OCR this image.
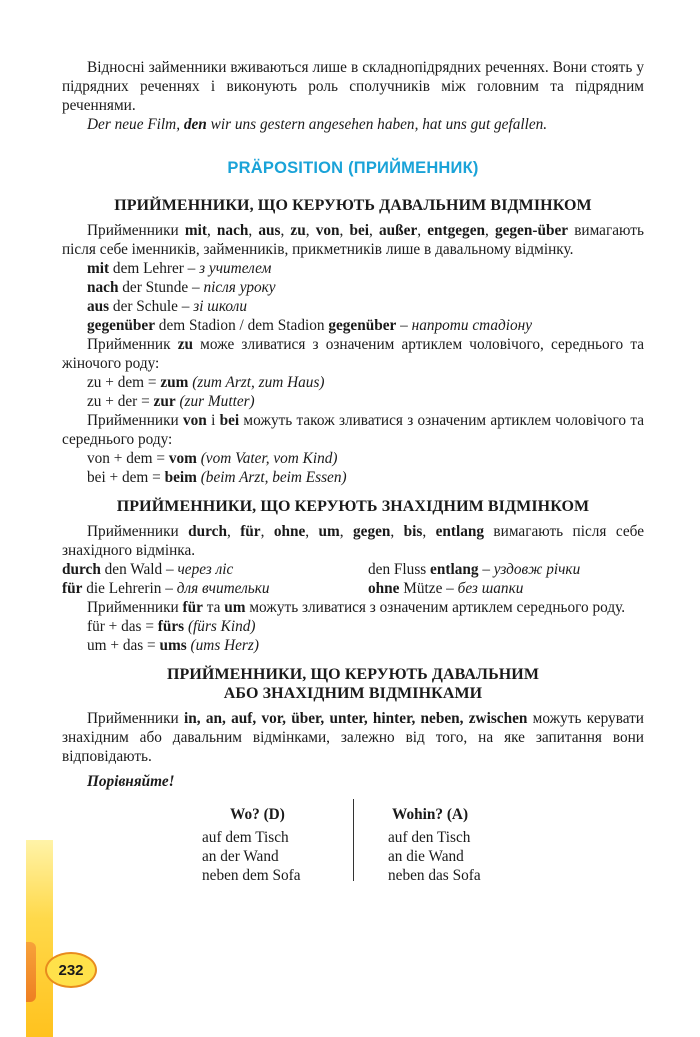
232

Відносні займенники вживаються лише в складнопідрядних реченнях. Вони стоять у підрядних реченнях і виконують роль сполучників між головним та підрядним реченнями.

Der neue Film, den wir uns gestern angesehen haben, hat uns gut gefallen.

PRÄPOSITION (ПРИЙМЕННИК)
ПРИЙМЕННИКИ, ЩО КЕРУЮТЬ ДАВАЛЬНИМ ВІДМІНКОМ

Прийменники mit, nach, aus, zu, von, bei, außer, entgegen, gegen-über вимагають після себе іменників, займенників, прикметників лише в давальному відмінку.

mit dem Lehrer – з учителем

nach der Stunde – після уроку

aus der Schule – зі школи

gegenüber dem Stadion / dem Stadion gegenüber – напроти стадіону

Прийменник zu може зливатися з означеним артиклем чоловічого, середнього та жіночого роду:

zu + dem = zum (zum Arzt, zum Haus)

zu + der = zur (zur Mutter)

Прийменники von і bei можуть також зливатися з означеним артиклем чоловічого та середнього роду:

von + dem = vom (vom Vater, vom Kind)

bei + dem = beim (beim Arzt, beim Essen)

ПРИЙМЕННИКИ, ЩО КЕРУЮТЬ ЗНАХІДНИМ ВІДМІНКОМ

Прийменники durch, für, ohne, um, gegen, bis, entlang вимагають після себе знахідного відмінка.

durch den Wald – через ліс	den Fluss entlang – уздовж річки
für die Lehrerin – для вчительки	ohne Mütze – без шапки

Прийменники für та um можуть зливатися з означеним артиклем середнього роду.

für + das = fürs (fürs Kind)

um + das = ums (ums Herz)

ПРИЙМЕННИКИ, ЩО КЕРУЮТЬ ДАВАЛЬНИМ
АБО ЗНАХІДНИМ ВІДМІНКАМИ

Прийменники in, an, auf, vor, über, unter, hinter, neben, zwischen можуть керувати знахідним або давальним відмінками, залежно від того, на яке запитання вони відповідають.

Порівняйте!

Wo? (D)
auf dem Tisch
an der Wand
neben dem Sofa
Wohin? (A)
auf den Tisch
an die Wand
neben das Sofa
